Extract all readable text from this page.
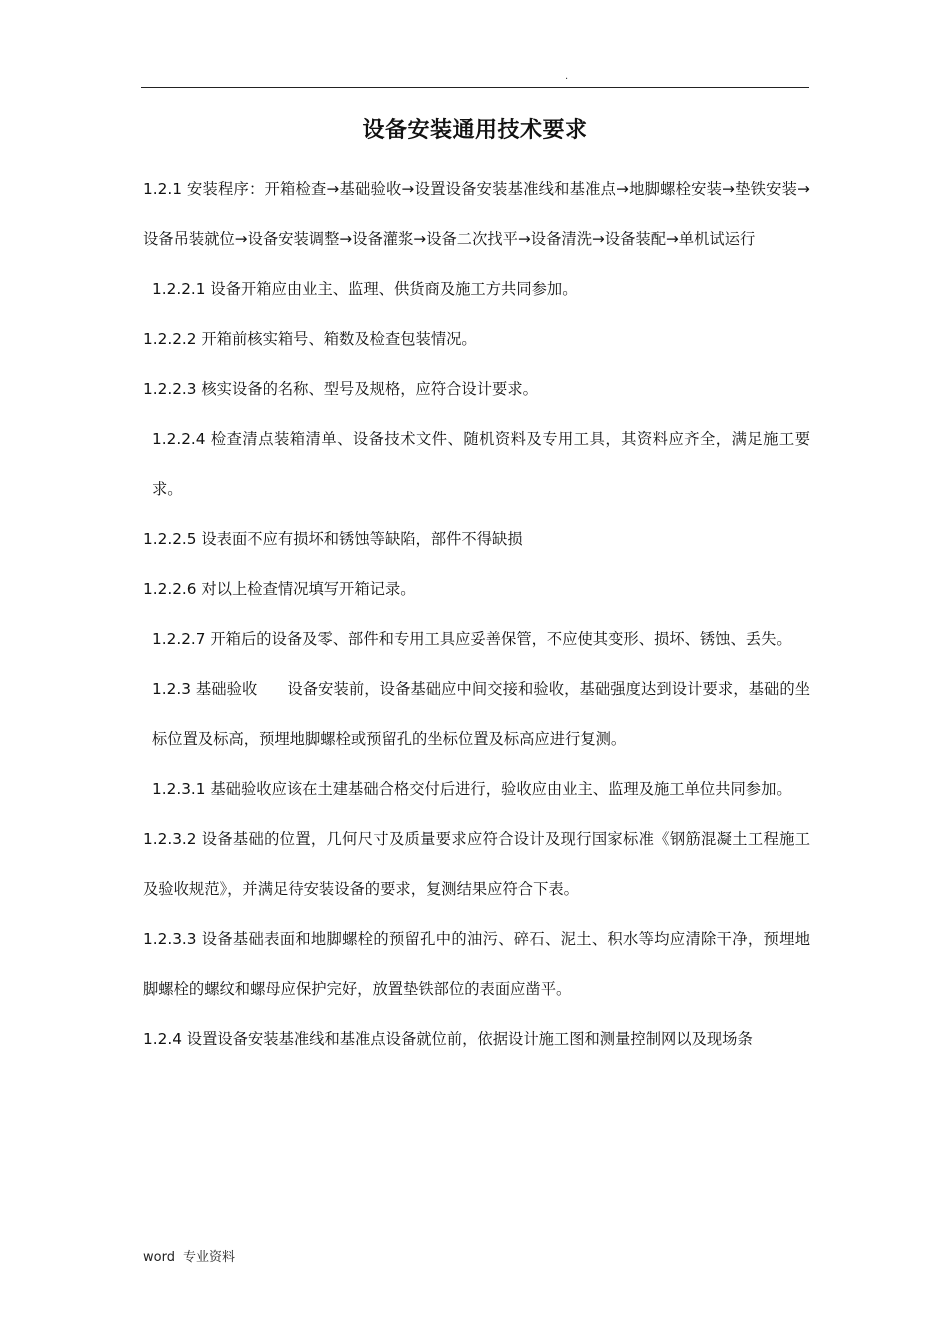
.
设备安装通用技术要求

1.2.1 安装程序：开箱检查→基础验收→设置设备安装基准线和基准点→地脚螺栓安装→垫铁安装→设备吊装就位→设备安装调整→设备灌浆→设备二次找平→设备清洗→设备装配→单机试运行

1.2.2.1 设备开箱应由业主、监理、供货商及施工方共同参加。

1.2.2.2 开箱前核实箱号、箱数及检查包装情况。

1.2.2.3 核实设备的名称、型号及规格，应符合设计要求。

1.2.2.4 检查清点装箱清单、设备技术文件、随机资料及专用工具，其资料应齐全，满足施工要求。

1.2.2.5 设表面不应有损坏和锈蚀等缺陷，部件不得缺损

1.2.2.6 对以上检查情况填写开箱记录。

1.2.2.7 开箱后的设备及零、部件和专用工具应妥善保管，不应使其变形、损坏、锈蚀、丢失。

1.2.3 基础验收 设备安装前，设备基础应中间交接和验收，基础强度达到设计要求，基础的坐标位置及标高，预埋地脚螺栓或预留孔的坐标位置及标高应进行复测。

1.2.3.1 基础验收应该在土建基础合格交付后进行，验收应由业主、监理及施工单位共同参加。

1.2.3.2 设备基础的位置，几何尺寸及质量要求应符合设计及现行国家标准《钢筋混凝土工程施工及验收规范》，并满足待安装设备的要求，复测结果应符合下表。

1.2.3.3 设备基础表面和地脚螺栓的预留孔中的油污、碎石、泥土、积水等均应清除干净，预埋地脚螺栓的螺纹和螺母应保护完好，放置垫铁部位的表面应凿平。

1.2.4 设置设备安装基准线和基准点设备就位前，依据设计施工图和测量控制网以及现场条

word 专业资料
